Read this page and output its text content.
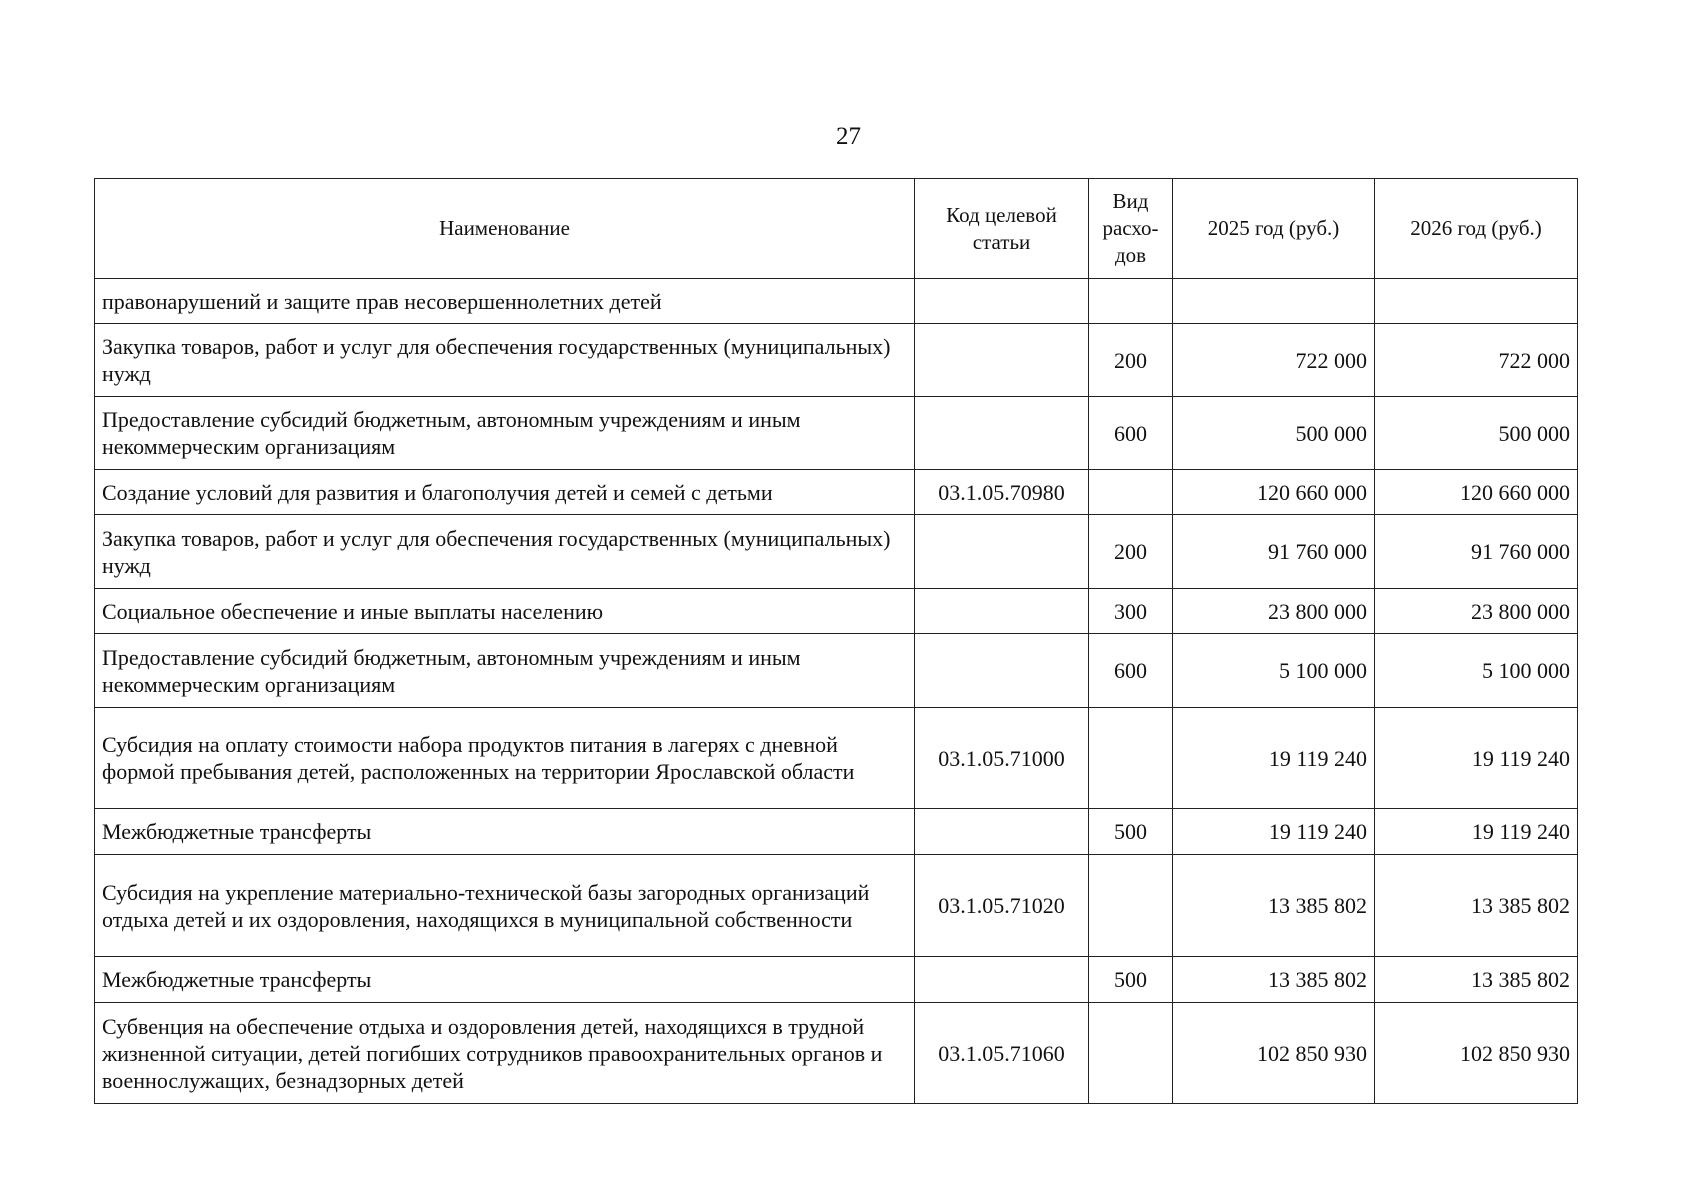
27
Наименование	Код целевой статьи	Вид расхо-дов	2025 год (руб.)	2026 год (руб.)
правонарушений и защите прав несовершеннолетних детей				
Закупка товаров, работ и услуг для обеспечения государственных (муниципальных) нужд		200	722 000	722 000
Предоставление субсидий бюджетным, автономным учреждениям и иным некоммерческим организациям		600	500 000	500 000
Создание условий для развития и благополучия детей и семей с детьми	03.1.05.70980		120 660 000	120 660 000
Закупка товаров, работ и услуг для обеспечения государственных (муниципальных) нужд		200	91 760 000	91 760 000
Социальное обеспечение и иные выплаты населению		300	23 800 000	23 800 000
Предоставление субсидий бюджетным, автономным учреждениям и иным некоммерческим организациям		600	5 100 000	5 100 000
Субсидия на оплату стоимости набора продуктов питания в лагерях с дневной формой пребывания детей, расположенных на территории Ярославской области	03.1.05.71000		19 119 240	19 119 240
Межбюджетные трансферты		500	19 119 240	19 119 240
Субсидия на укрепление материально-технической базы загородных организаций отдыха детей и их оздоровления, находящихся в муниципальной собственности	03.1.05.71020		13 385 802	13 385 802
Межбюджетные трансферты		500	13 385 802	13 385 802
Субвенция на обеспечение отдыха и оздоровления детей, находящихся в трудной жизненной ситуации, детей погибших сотрудников правоохранительных органов и военнослужащих, безнадзорных детей	03.1.05.71060		102 850 930	102 850 930
